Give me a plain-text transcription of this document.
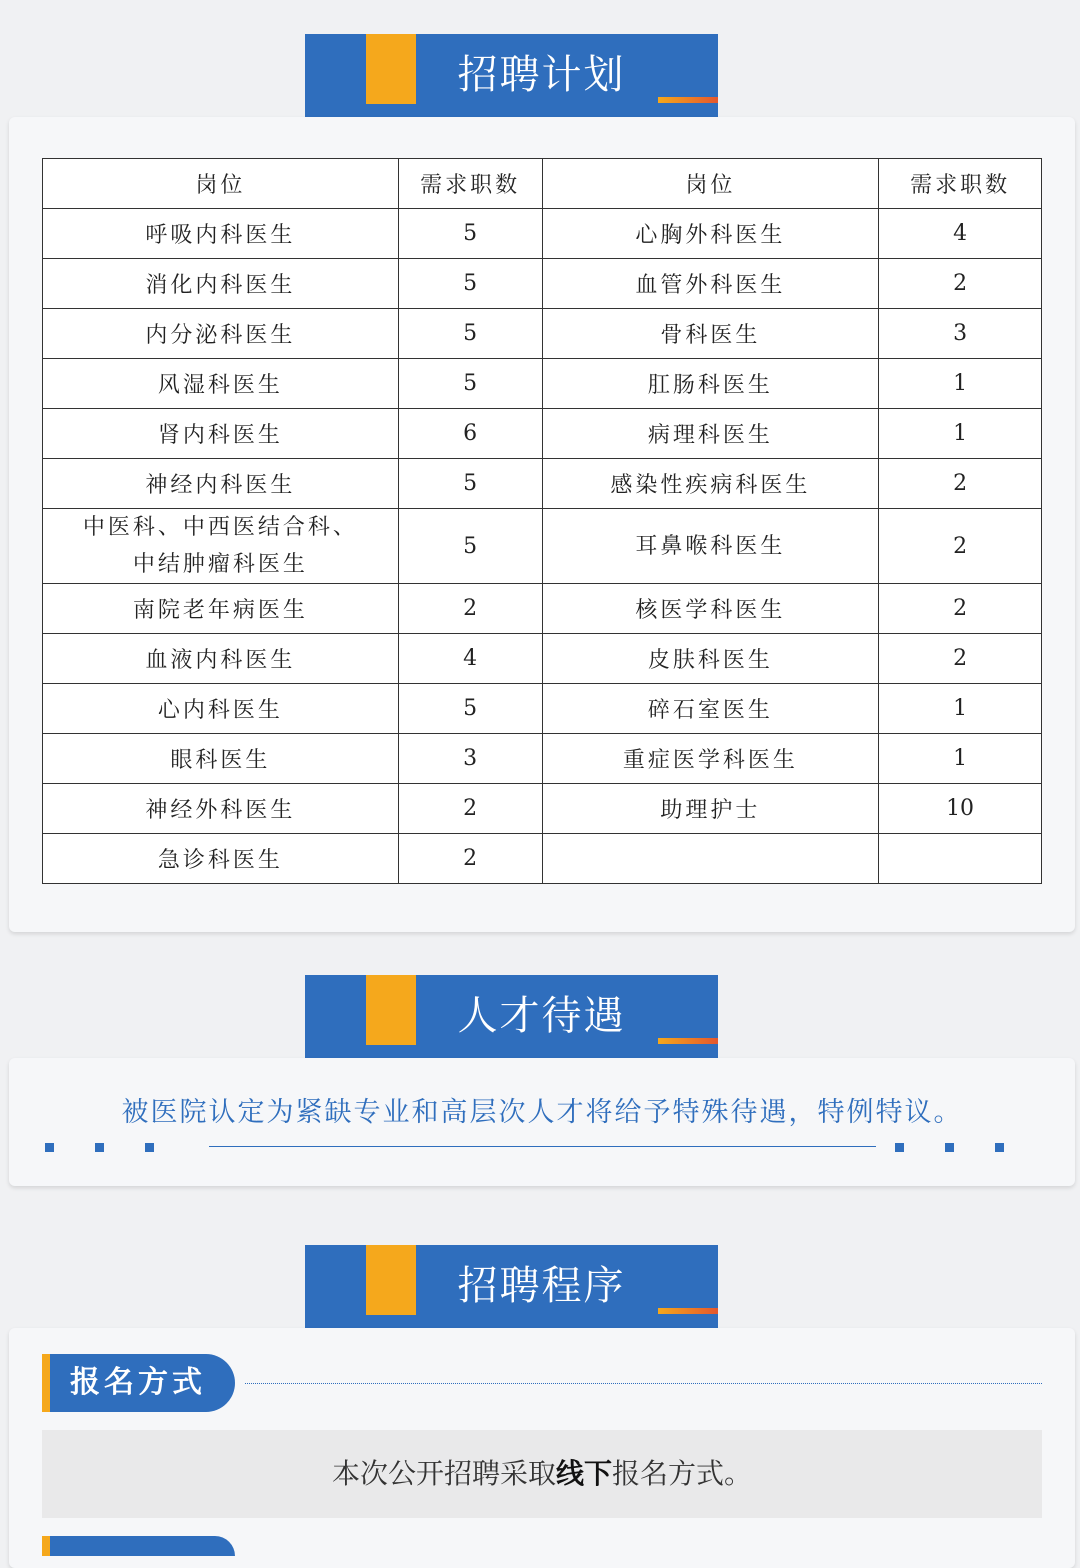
招聘计划
岗位	需求职数	岗位	需求职数
呼吸内科医生	5	心胸外科医生	4
消化内科医生	5	血管外科医生	2
内分泌科医生	5	骨科医生	3
风湿科医生	5	肛肠科医生	1
肾内科医生	6	病理科医生	1
神经内科医生	5	感染性疾病科医生	2

中医科、中西医结合科、
中结肿瘤科医生	5	耳鼻喉科医生	2
南院老年病医生	2	核医学科医生	2
血液内科医生	4	皮肤科医生	2
心内科医生	5	碎石室医生	1
眼科医生	3	重症医学科医生	1
神经外科医生	2	助理护士	10
急诊科医生	2		
人才待遇
被医院认定为紧缺专业和高层次人才将给予特殊待遇，特例特议。
招聘程序
报名方式
本次公开招聘采取线下报名方式。
